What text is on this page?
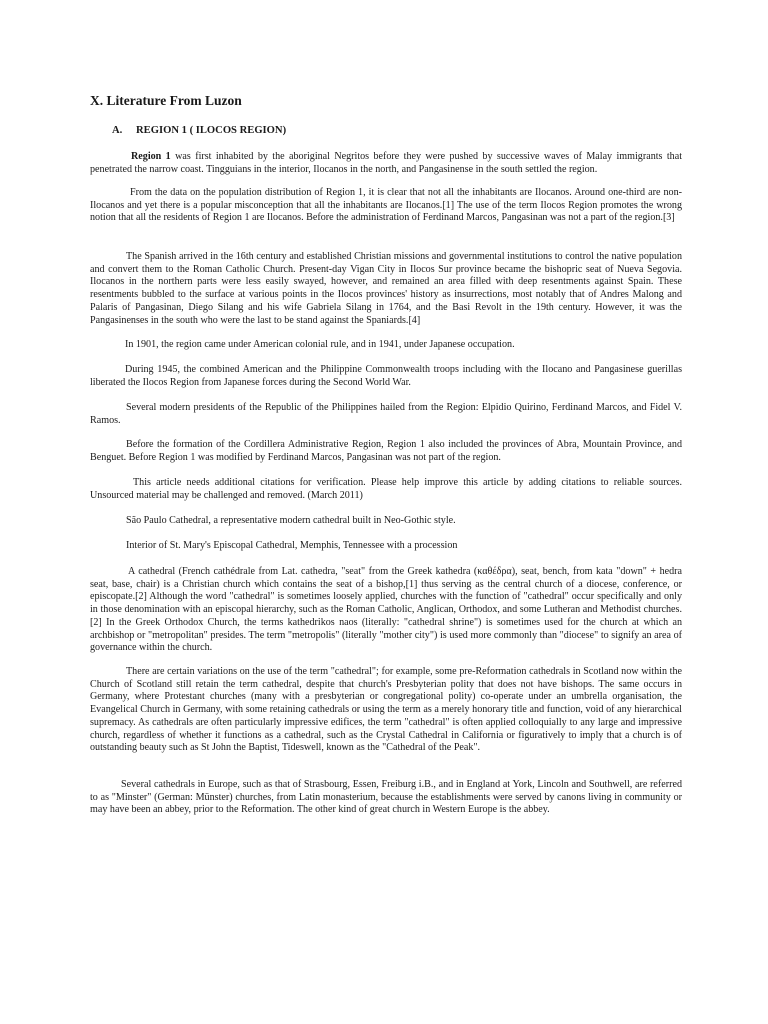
X. Literature From Luzon
A. REGION 1 ( ILOCOS REGION)

Region 1 was first inhabited by the aboriginal Negritos before they were pushed by successive waves of Malay immigrants that penetrated the narrow coast. Tingguians in the interior, Ilocanos in the north, and Pangasinense in the south settled the region.

From the data on the population distribution of Region 1, it is clear that not all the inhabitants are Ilocanos. Around one-third are non-Ilocanos and yet there is a popular misconception that all the inhabitants are Ilocanos.[1] The use of the term Ilocos Region promotes the wrong notion that all the residents of Region 1 are Ilocanos. Before the administration of Ferdinand Marcos, Pangasinan was not a part of the region.[3]

The Spanish arrived in the 16th century and established Christian missions and governmental institutions to control the native population and convert them to the Roman Catholic Church. Present-day Vigan City in Ilocos Sur province became the bishopric seat of Nueva Segovia. Ilocanos in the northern parts were less easily swayed, however, and remained an area filled with deep resentments against Spain. These resentments bubbled to the surface at various points in the Ilocos provinces' history as insurrections, most notably that of Andres Malong and Palaris of Pangasinan, Diego Silang and his wife Gabriela Silang in 1764, and the Basi Revolt in the 19th century. However, it was the Pangasinenses in the south who were the last to be stand against the Spaniards.[4]

In 1901, the region came under American colonial rule, and in 1941, under Japanese occupation.

During 1945, the combined American and the Philippine Commonwealth troops including with the Ilocano and Pangasinese guerillas liberated the Ilocos Region from Japanese forces during the Second World War.

Several modern presidents of the Republic of the Philippines hailed from the Region: Elpidio Quirino, Ferdinand Marcos, and Fidel V. Ramos.

Before the formation of the Cordillera Administrative Region, Region 1 also included the provinces of Abra, Mountain Province, and Benguet. Before Region 1 was modified by Ferdinand Marcos, Pangasinan was not part of the region.

This article needs additional citations for verification. Please help improve this article by adding citations to reliable sources. Unsourced material may be challenged and removed. (March 2011)

São Paulo Cathedral, a representative modern cathedral built in Neo-Gothic style.

Interior of St. Mary's Episcopal Cathedral, Memphis, Tennessee with a procession

A cathedral (French cathédrale from Lat. cathedra, "seat" from the Greek kathedra (καθέδρα), seat, bench, from kata "down" + hedra seat, base, chair) is a Christian church which contains the seat of a bishop,[1] thus serving as the central church of a diocese, conference, or episcopate.[2] Although the word "cathedral" is sometimes loosely applied, churches with the function of "cathedral" occur specifically and only in those denomination with an episcopal hierarchy, such as the Roman Catholic, Anglican, Orthodox, and some Lutheran and Methodist churches.[2] In the Greek Orthodox Church, the terms kathedrikos naos (literally: "cathedral shrine") is sometimes used for the church at which an archbishop or "metropolitan" presides. The term "metropolis" (literally "mother city") is used more commonly than "diocese" to signify an area of governance within the church.

There are certain variations on the use of the term "cathedral"; for example, some pre-Reformation cathedrals in Scotland now within the Church of Scotland still retain the term cathedral, despite that church's Presbyterian polity that does not have bishops. The same occurs in Germany, where Protestant churches (many with a presbyterian or congregational polity) co-operate under an umbrella organisation, the Evangelical Church in Germany, with some retaining cathedrals or using the term as a merely honorary title and function, void of any hierarchical supremacy. As cathedrals are often particularly impressive edifices, the term "cathedral" is often applied colloquially to any large and impressive church, regardless of whether it functions as a cathedral, such as the Crystal Cathedral in California or figuratively to imply that a church is of outstanding beauty such as St John the Baptist, Tideswell, known as the "Cathedral of the Peak".

Several cathedrals in Europe, such as that of Strasbourg, Essen, Freiburg i.B., and in England at York, Lincoln and Southwell, are referred to as "Minster" (German: Münster) churches, from Latin monasterium, because the establishments were served by canons living in community or may have been an abbey, prior to the Reformation. The other kind of great church in Western Europe is the abbey.
